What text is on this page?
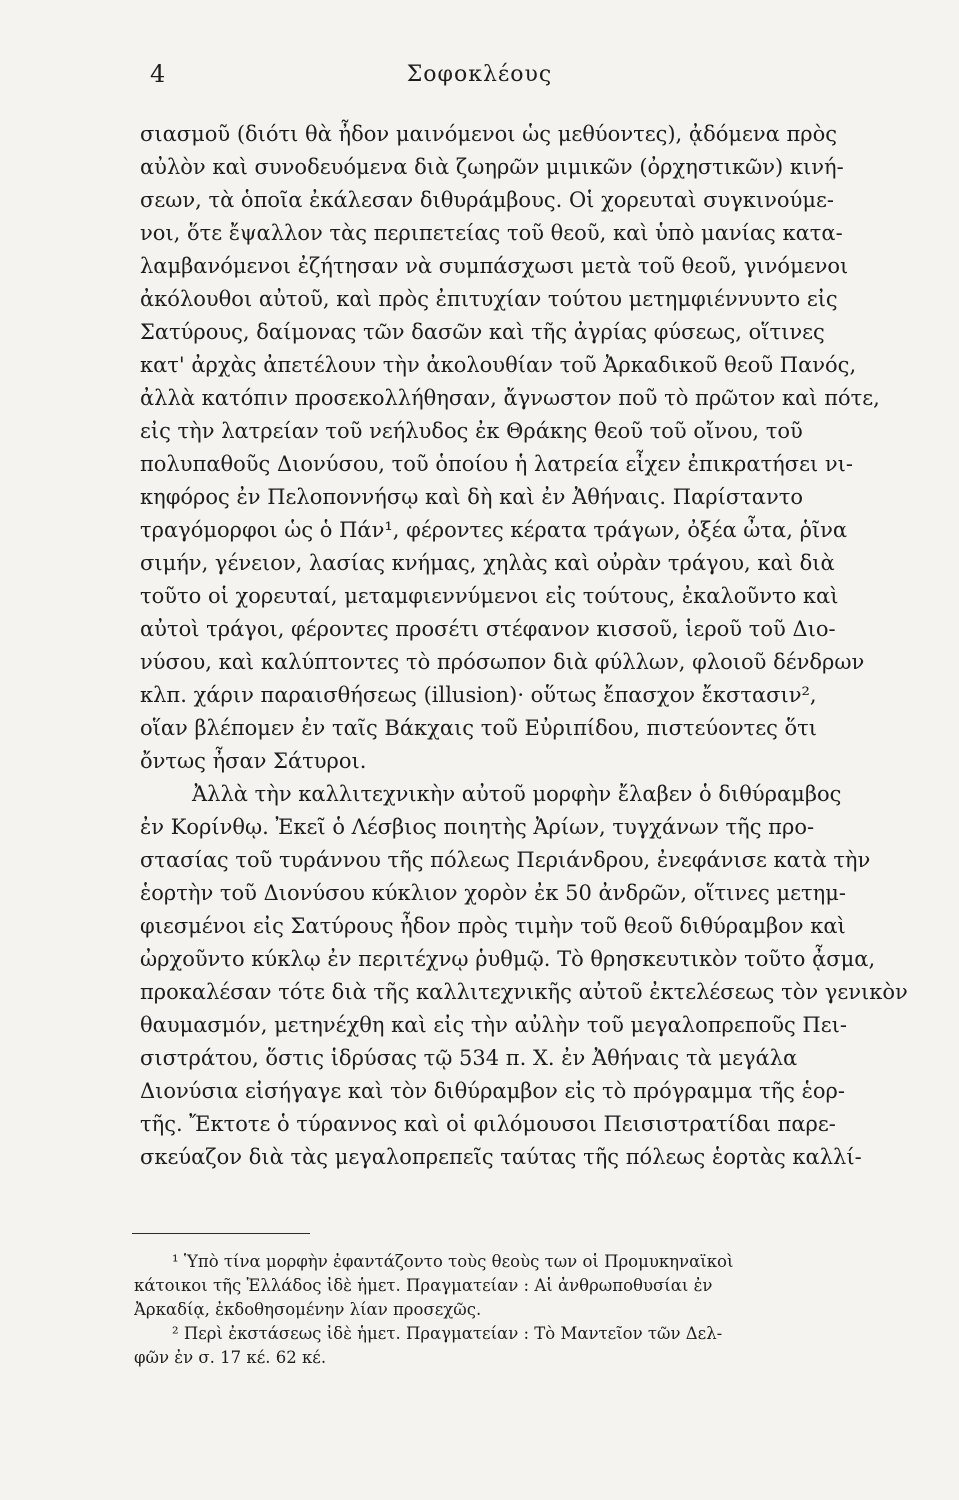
4	Σοφοκλέους
σιασμοῦ (διότι θὰ ἦδον μαινόμενοι ὡς μεθύοντες), ᾀδόμενα πρὸς
αὐλὸν καὶ συνοδευόμενα διὰ ζωηρῶν μιμικῶν (ὀρχηστικῶν) κινή-
σεων, τὰ ὁποῖα ἐκάλεσαν διθυράμβους. Οἱ χορευταὶ συγκινούμε-
νοι, ὅτε ἔψαλλον τὰς περιπετείας τοῦ θεοῦ, καὶ ὑπὸ μανίας κατα-
λαμβανόμενοι ἐζήτησαν νὰ συμπάσχωσι μετὰ τοῦ θεοῦ, γινόμενοι
ἀκόλουθοι αὐτοῦ, καὶ πρὸς ἐπιτυχίαν τούτου μετημφιέννυντο εἰς
Σατύρους, δαίμονας τῶν δασῶν καὶ τῆς ἀγρίας φύσεως, οἵτινες
κατ' ἀρχὰς ἀπετέλουν τὴν ἀκολουθίαν τοῦ Ἀρκαδικοῦ θεοῦ Πανός,
ἀλλὰ κατόπιν προσεκολλήθησαν, ἄγνωστον ποῦ τὸ πρῶτον καὶ πότε,
εἰς τὴν λατρείαν τοῦ νεήλυδος ἐκ Θράκης θεοῦ τοῦ οἴνου, τοῦ
πολυπαθοῦς Διονύσου, τοῦ ὁποίου ἡ λατρεία εἶχεν ἐπικρατήσει νι-
κηφόρος ἐν Πελοποννήσῳ καὶ δὴ καὶ ἐν Ἀθήναις. Παρίσταντο
τραγόμορφοι ὡς ὁ Πάν¹, φέροντες κέρατα τράγων, ὀξέα ὦτα, ῥῖνα
σιμήν, γένειον, λασίας κνήμας, χηλὰς καὶ οὐρὰν τράγου, καὶ διὰ
τοῦτο οἱ χορευταί, μεταμφιεννύμενοι εἰς τούτους, ἐκαλοῦντο καὶ
αὐτοὶ τράγοι, φέροντες προσέτι στέφανον κισσοῦ, ἱεροῦ τοῦ Διο-
νύσου, καὶ καλύπτοντες τὸ πρόσωπον διὰ φύλλων, φλοιοῦ δένδρων
κλπ. χάριν παραισθήσεως (illusion)· οὕτως ἔπασχον ἔκστασιν²,
οἵαν βλέπομεν ἐν ταῖς Βάκχαις τοῦ Εὐριπίδου, πιστεύοντες ὅτι
ὄντως ἦσαν Σάτυροι.
Ἀλλὰ τὴν καλλιτεχνικὴν αὐτοῦ μορφὴν ἔλαβεν ὁ διθύραμβος
ἐν Κορίνθῳ. Ἐκεῖ ὁ Λέσβιος ποιητὴς Ἀρίων, τυγχάνων τῆς προ-
στασίας τοῦ τυράννου τῆς πόλεως Περιάνδρου, ἐνεφάνισε κατὰ τὴν
ἑορτὴν τοῦ Διονύσου κύκλιον χορὸν ἐκ 50 ἀνδρῶν, οἵτινες μετημ-
φιεσμένοι εἰς Σατύρους ἦδον πρὸς τιμὴν τοῦ θεοῦ διθύραμβον καὶ
ὠρχοῦντο κύκλῳ ἐν περιτέχνῳ ῥυθμῷ. Τὸ θρησκευτικὸν τοῦτο ᾆσμα,
προκαλέσαν τότε διὰ τῆς καλλιτεχνικῆς αὐτοῦ ἐκτελέσεως τὸν γενικὸν
θαυμασμόν, μετηνέχθη καὶ εἰς τὴν αὐλὴν τοῦ μεγαλοπρεποῦς Πει-
σιστράτου, ὅστις ἱδρύσας τῷ 534 π. Χ. ἐν Ἀθήναις τὰ μεγάλα
Διονύσια εἰσήγαγε καὶ τὸν διθύραμβον εἰς τὸ πρόγραμμα τῆς ἑορ-
τῆς. Ἔκτοτε ὁ τύραννος καὶ οἱ φιλόμουσοι Πεισιστρατίδαι παρε-
σκεύαζον διὰ τὰς μεγαλοπρεπεῖς ταύτας τῆς πόλεως ἑορτὰς καλλί-
¹ Ὑπὸ τίνα μορφὴν ἐφαντάζοντο τοὺς θεοὺς των οἱ Προμυκηναϊκοὶ
κάτοικοι τῆς Ἑλλάδος ἰδὲ ἡμετ. Πραγματείαν : Αἱ ἀνθρωποθυσίαι ἐν
Ἀρκαδίᾳ, ἐκδοθησομένην λίαν προσεχῶς.
² Περὶ ἐκστάσεως ἰδὲ ἡμετ. Πραγματείαν : Τὸ Μαντεῖον τῶν Δελ-
φῶν ἐν σ. 17 κέ. 62 κέ.
